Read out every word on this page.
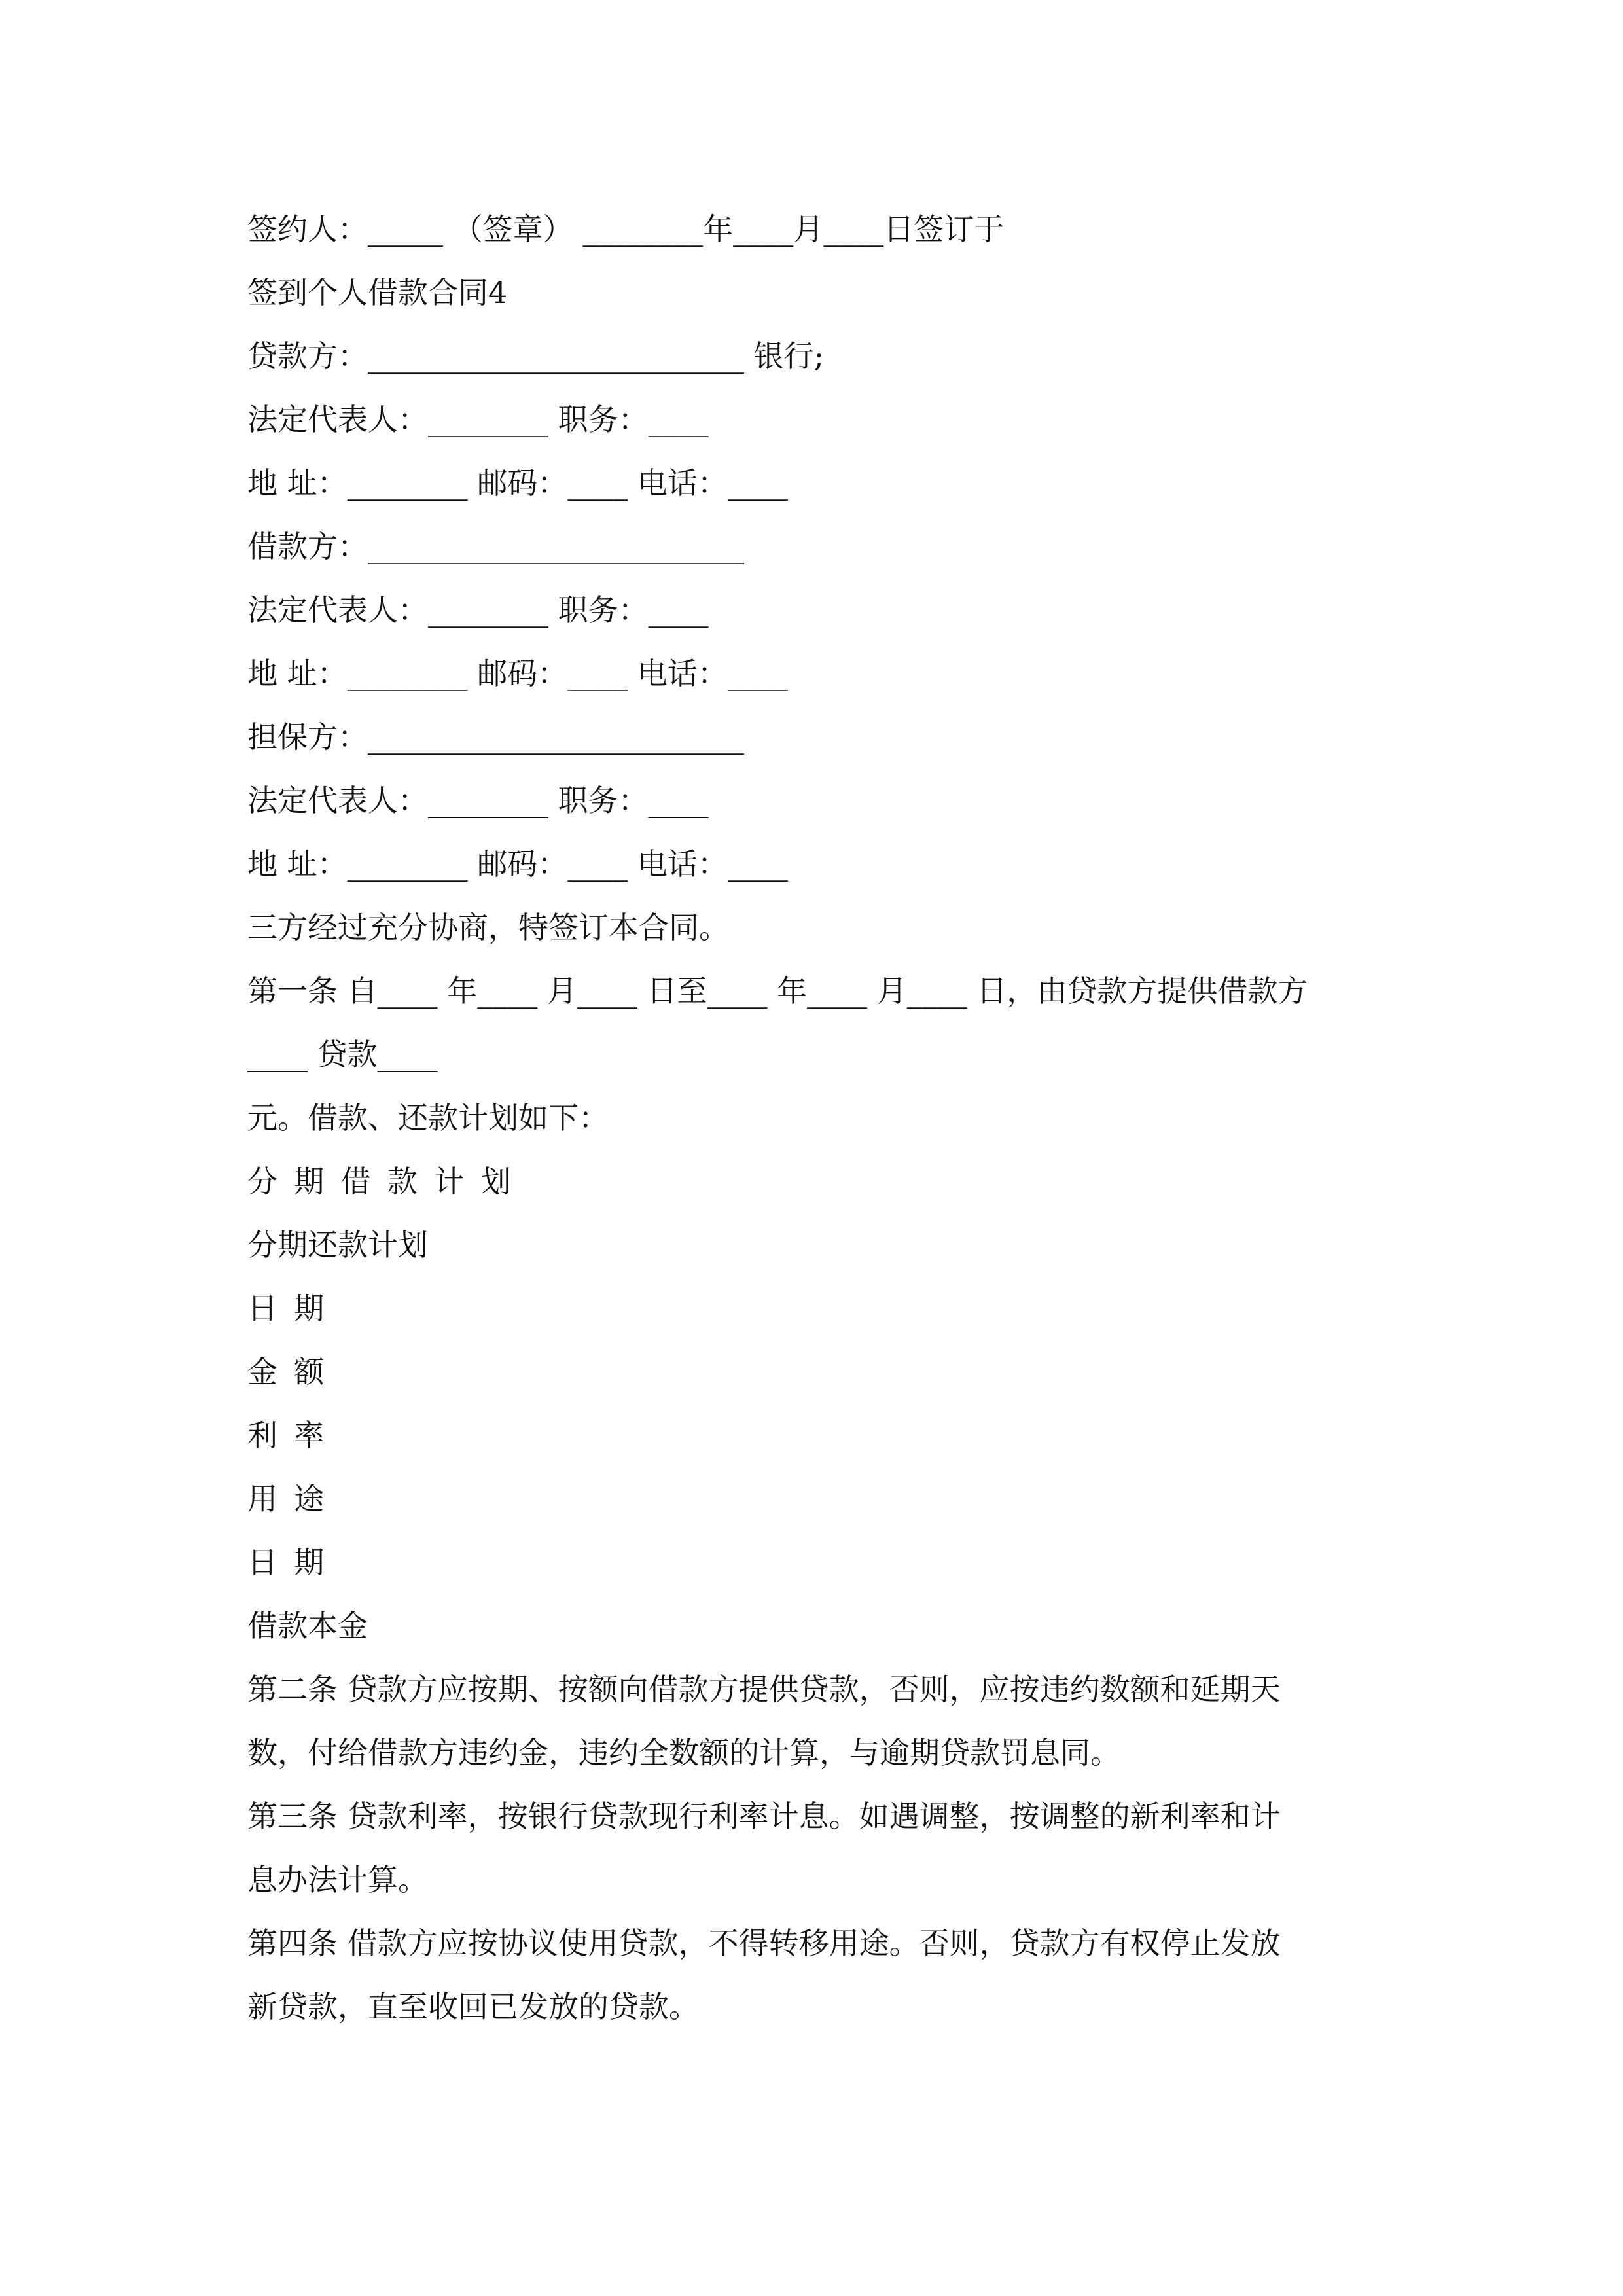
签约人：_____ （签章） ________年____月____日签订于
签到个人借款合同4
贷款方：_________________________ 银行;
法定代表人：________ 职务：____
地 址：________ 邮码：____ 电话：____
借款方：_________________________
法定代表人：________ 职务：____
地 址：________ 邮码：____ 电话：____
担保方：_________________________
法定代表人：________ 职务：____
地 址：________ 邮码：____ 电话：____
三方经过充分协商，特签订本合同。
第一条 自____ 年____ 月____ 日至____ 年____ 月____ 日，由贷款方提供借款方
____ 贷款____
元。借款、还款计划如下：
分期借款计划
分期还款计划
日期
金额
利率
用途
日期
借款本金
第二条 贷款方应按期、按额向借款方提供贷款，否则，应按违约数额和延期天
数，付给借款方违约金，违约全数额的计算，与逾期贷款罚息同。
第三条 贷款利率，按银行贷款现行利率计息。如遇调整，按调整的新利率和计
息办法计算。
第四条 借款方应按协议使用贷款，不得转移用途。否则，贷款方有权停止发放
新贷款，直至收回已发放的贷款。
